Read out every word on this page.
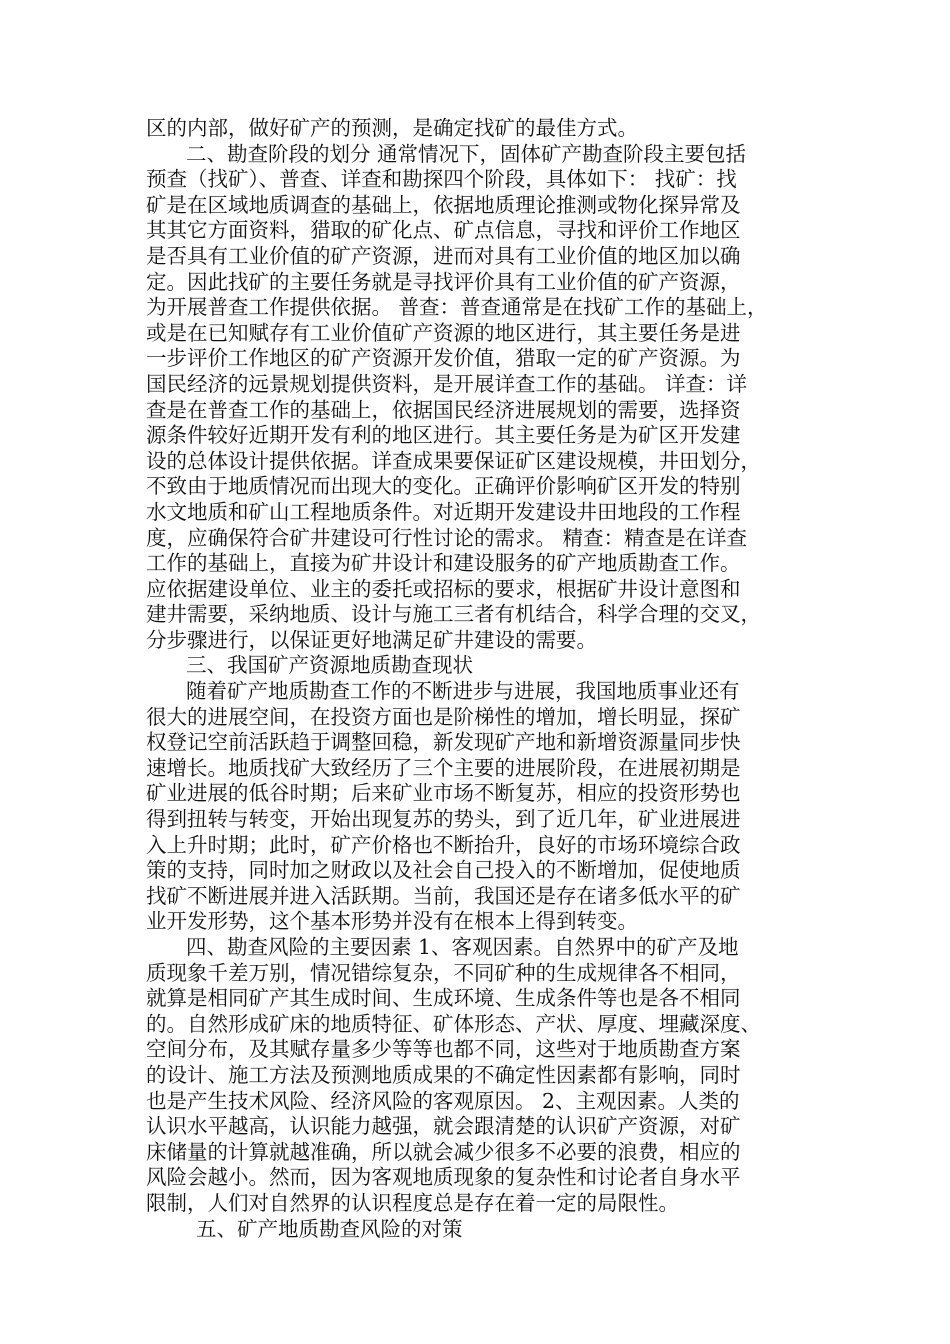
区的内部，做好矿产的预测，是确定找矿的最佳方式。
二、勘查阶段的划分 通常情况下，固体矿产勘查阶段主要包括
预查（找矿）、普查、详查和勘探四个阶段，具体如下： 找矿：找
矿是在区域地质调查的基础上，依据地质理论推测或物化探异常及
其其它方面资料，猎取的矿化点、矿点信息，寻找和评价工作地区
是否具有工业价值的矿产资源，进而对具有工业价值的地区加以确
定。因此找矿的主要任务就是寻找评价具有工业价值的矿产资源，
为开展普查工作提供依据。 普查：普查通常是在找矿工作的基础上，
或是在已知赋存有工业价值矿产资源的地区进行，其主要任务是进
一步评价工作地区的矿产资源开发价值，猎取一定的矿产资源。为
国民经济的远景规划提供资料，是开展详查工作的基础。 详查：详
查是在普查工作的基础上，依据国民经济进展规划的需要，选择资
源条件较好近期开发有利的地区进行。其主要任务是为矿区开发建
设的总体设计提供依据。详查成果要保证矿区建设规模，井田划分，
不致由于地质情况而出现大的变化。正确评价影响矿区开发的特别
水文地质和矿山工程地质条件。对近期开发建设井田地段的工作程
度，应确保符合矿井建设可行性讨论的需求。 精查：精查是在详查
工作的基础上，直接为矿井设计和建设服务的矿产地质勘查工作。
应依据建设单位、业主的委托或招标的要求，根据矿井设计意图和
建井需要，采纳地质、设计与施工三者有机结合，科学合理的交叉，
分步骤进行，以保证更好地满足矿井建设的需要。
三、我国矿产资源地质勘查现状
随着矿产地质勘查工作的不断进步与进展，我国地质事业还有
很大的进展空间，在投资方面也是阶梯性的增加，增长明显，探矿
权登记空前活跃趋于调整回稳，新发现矿产地和新增资源量同步快
速增长。地质找矿大致经历了三个主要的进展阶段，在进展初期是
矿业进展的低谷时期；后来矿业市场不断复苏，相应的投资形势也
得到扭转与转变，开始出现复苏的势头，到了近几年，矿业进展进
入上升时期；此时，矿产价格也不断抬升，良好的市场环境综合政
策的支持，同时加之财政以及社会自己投入的不断增加，促使地质
找矿不断进展并进入活跃期。当前，我国还是存在诸多低水平的矿
业开发形势，这个基本形势并没有在根本上得到转变。
四、勘查风险的主要因素 1、客观因素。自然界中的矿产及地
质现象千差万别，情况错综复杂，不同矿种的生成规律各不相同，
就算是相同矿产其生成时间、生成环境、生成条件等也是各不相同
的。自然形成矿床的地质特征、矿体形态、产状、厚度、埋藏深度、
空间分布，及其赋存量多少等等也都不同，这些对于地质勘查方案
的设计、施工方法及预测地质成果的不确定性因素都有影响，同时
也是产生技术风险、经济风险的客观原因。 2、主观因素。人类的
认识水平越高，认识能力越强，就会跟清楚的认识矿产资源，对矿
床储量的计算就越准确，所以就会减少很多不必要的浪费，相应的
风险会越小。然而，因为客观地质现象的复杂性和讨论者自身水平
限制，人们对自然界的认识程度总是存在着一定的局限性。
五、矿产地质勘查风险的对策
